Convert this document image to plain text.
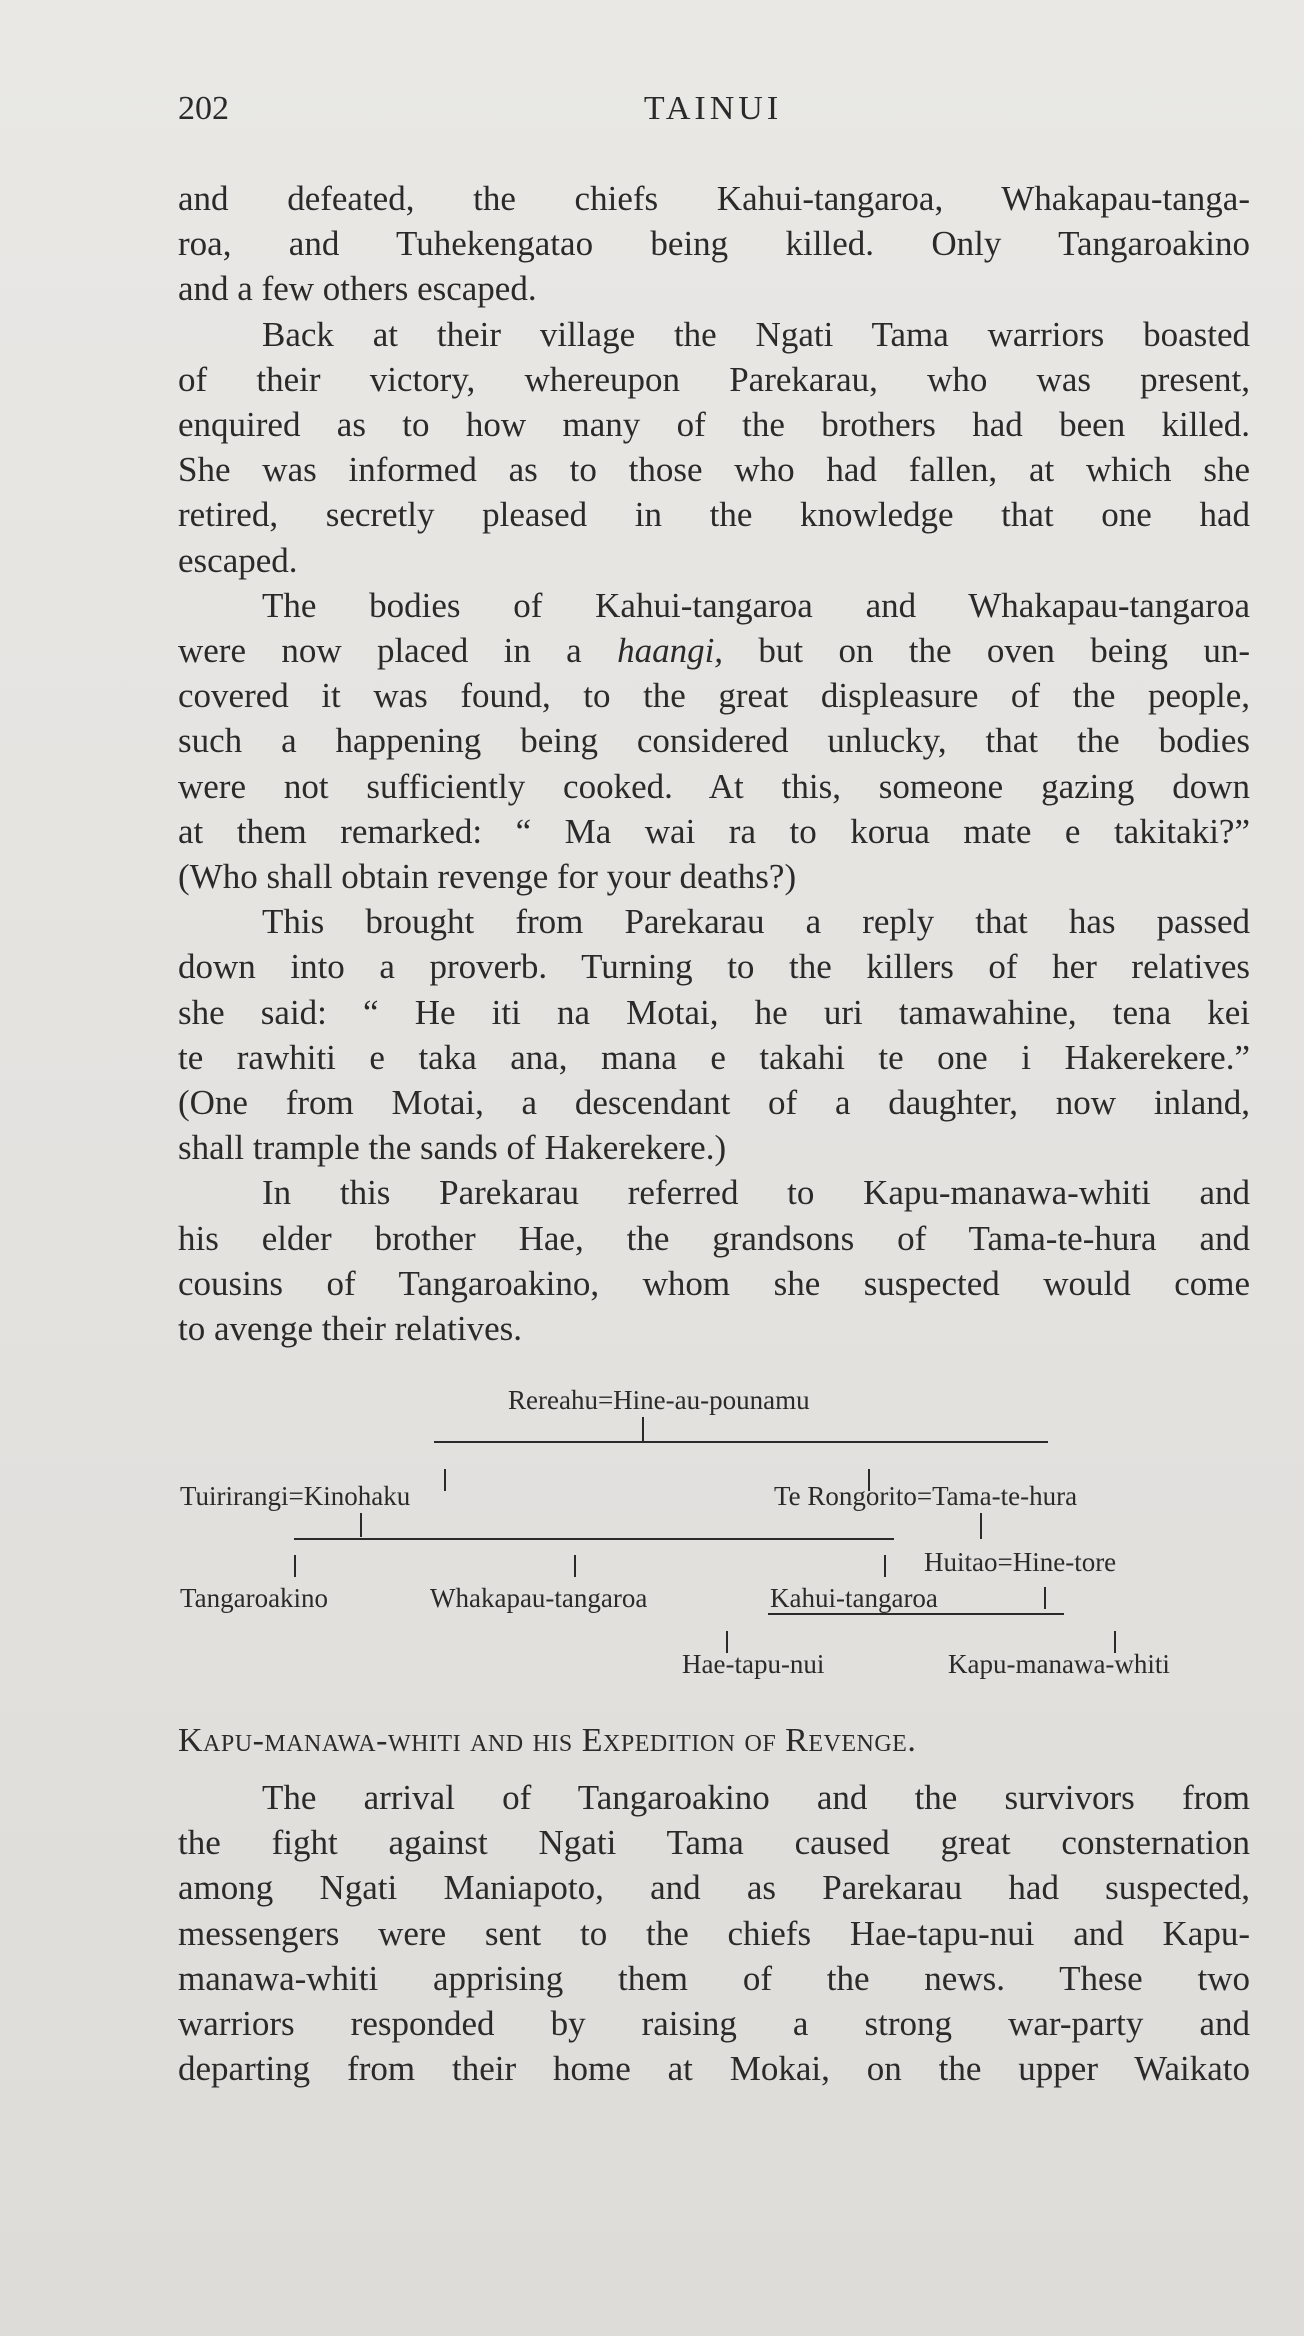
202	TAINUI
and defeated, the chiefs Kahui-tangaroa, Whakapau-tanga-
roa, and Tuhekengatao being killed. Only Tangaroakino
and a few others escaped.
Back at their village the Ngati Tama warriors boasted
of their victory, whereupon Parekarau, who was present,
enquired as to how many of the brothers had been killed.
She was informed as to those who had fallen, at which she
retired, secretly pleased in the knowledge that one had
escaped.
The bodies of Kahui-tangaroa and Whakapau-tangaroa
were now placed in a haangi, but on the oven being un-
covered it was found, to the great displeasure of the people,
such a happening being considered unlucky, that the bodies
were not sufficiently cooked. At this, someone gazing down
at them remarked: “ Ma wai ra to korua mate e takitaki?”
(Who shall obtain revenge for your deaths?)
This brought from Parekarau a reply that has passed
down into a proverb. Turning to the killers of her relatives
she said: “ He iti na Motai, he uri tamawahine, tena kei
te rawhiti e taka ana, mana e takahi te one i Hakerekere.”
(One from Motai, a descendant of a daughter, now inland,
shall trample the sands of Hakerekere.)
In this Parekarau referred to Kapu-manawa-whiti and
his elder brother Hae, the grandsons of Tama-te-hura and
cousins of Tangaroakino, whom she suspected would come
to avenge their relatives.
Rereahu=Hine-au-pounamu
Tuirirangi=Kinohaku	Te Rongorito=Tama-te-hura
Huitao=Hine-tore
Tangaroakino	Whakapau-tangaroa	Kahui-tangaroa
Hae-tapu-nui	Kapu-manawa-whiti
Kapu-manawa-whiti and his Expedition of Revenge.
The arrival of Tangaroakino and the survivors from
the fight against Ngati Tama caused great consternation
among Ngati Maniapoto, and as Parekarau had suspected,
messengers were sent to the chiefs Hae-tapu-nui and Kapu-
manawa-whiti apprising them of the news. These two
warriors responded by raising a strong war-party and
departing from their home at Mokai, on the upper Waikato
